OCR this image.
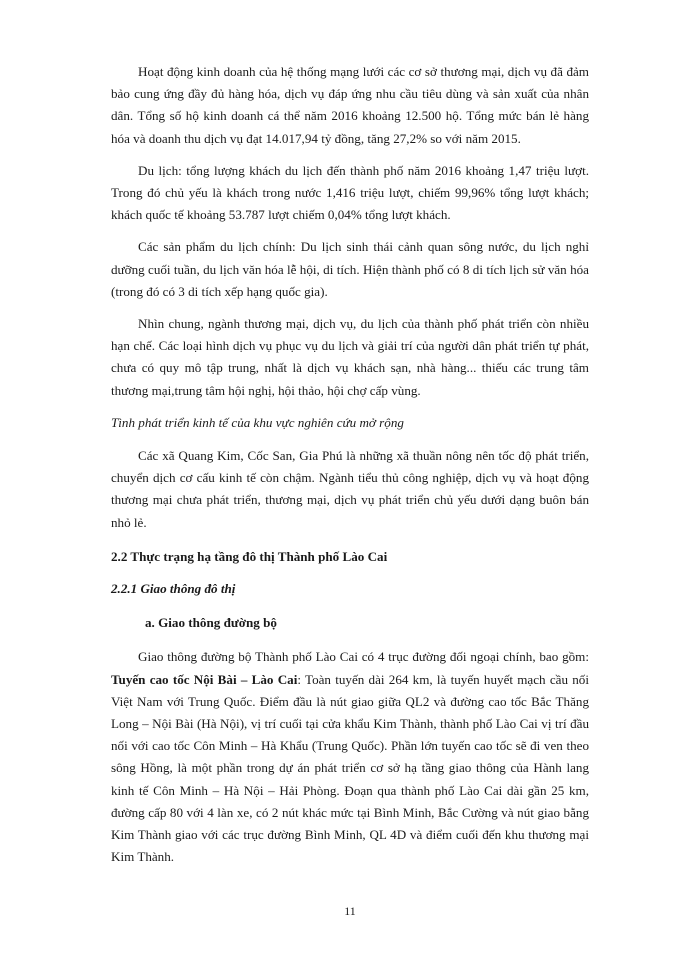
Hoạt động kinh doanh của hệ thống mạng lưới các cơ sở thương mại, dịch vụ đã đảm bảo cung ứng đầy đủ hàng hóa, dịch vụ đáp ứng nhu cầu tiêu dùng và sản xuất của nhân dân. Tổng số hộ kinh doanh cá thể năm 2016 khoảng 12.500 hộ. Tổng mức bán lẻ hàng hóa và doanh thu dịch vụ đạt 14.017,94 tỷ đồng, tăng 27,2% so với năm 2015.

Du lịch: tổng lượng khách du lịch đến thành phố năm 2016 khoảng 1,47 triệu lượt. Trong đó chủ yếu là khách trong nước 1,416 triệu lượt, chiếm 99,96% tổng lượt khách; khách quốc tế khoảng 53.787 lượt chiếm 0,04% tổng lượt khách.

Các sản phẩm du lịch chính: Du lịch sinh thái cảnh quan sông nước, du lịch nghỉ dưỡng cuối tuần, du lịch văn hóa lễ hội, di tích. Hiện thành phố có 8 di tích lịch sử văn hóa (trong đó có 3 di tích xếp hạng quốc gia).

Nhìn chung, ngành thương mại, dịch vụ, du lịch của thành phố phát triển còn nhiều hạn chế. Các loại hình dịch vụ phục vụ du lịch và giải trí của người dân phát triển tự phát, chưa có quy mô tập trung, nhất là dịch vụ khách sạn, nhà hàng... thiếu các trung tâm thương mại,trung tâm hội nghị, hội thảo, hội chợ cấp vùng.

Tình phát triển kinh tế của khu vực nghiên cứu mở rộng

Các xã Quang Kim, Cốc San, Gia Phú là những xã thuần nông nên tốc độ phát triển, chuyển dịch cơ cấu kinh tế còn chậm. Ngành tiểu thủ công nghiệp, dịch vụ và hoạt động thương mại chưa phát triển, thương mại, dịch vụ phát triển chủ yếu dưới dạng buôn bán nhỏ lẻ.

2.2 Thực trạng hạ tầng đô thị Thành phố Lào Cai
2.2.1 Giao thông đô thị
a. Giao thông đường bộ

Giao thông đường bộ Thành phố Lào Cai có 4 trục đường đối ngoại chính, bao gồm: Tuyến cao tốc Nội Bài – Lào Cai: Toàn tuyến dài 264 km, là tuyến huyết mạch cầu nối Việt Nam với Trung Quốc. Điểm đầu là nút giao giữa QL2 và đường cao tốc Bắc Thăng Long – Nội Bài (Hà Nội), vị trí cuối tại cửa khẩu Kim Thành, thành phố Lào Cai vị trí đầu nối với cao tốc Côn Minh – Hà Khẩu (Trung Quốc). Phần lớn tuyến cao tốc sẽ đi ven theo sông Hồng, là một phần trong dự án phát triển cơ sở hạ tầng giao thông của Hành lang kinh tế Côn Minh – Hà Nội – Hải Phòng. Đoạn qua thành phố Lào Cai dài gần 25 km, đường cấp 80 với 4 làn xe, có 2 nút khác mức tại Bình Minh, Bắc Cường và nút giao bằng Kim Thành giao với các trục đường Bình Minh, QL 4D và điểm cuối đến khu thương mại Kim Thành.

11
